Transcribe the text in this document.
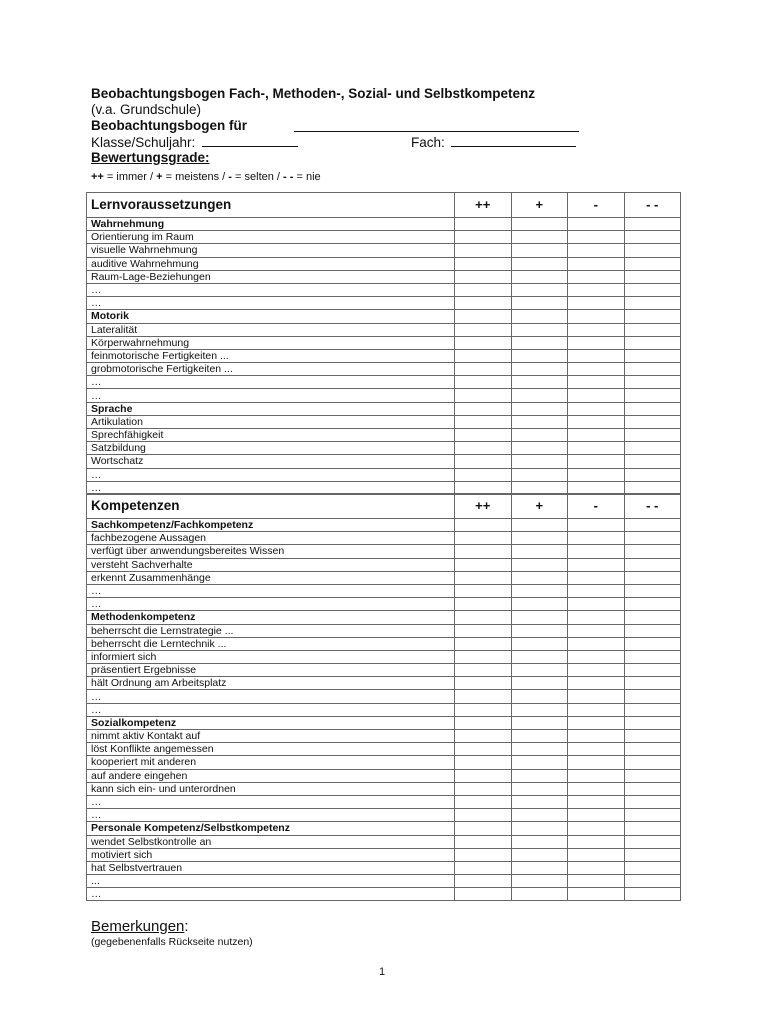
Beobachtungsbogen Fach-, Methoden-, Sozial- und Selbstkompetenz
(v.a. Grundschule)
Beobachtungsbogen für
Klasse/Schuljahr:	Fach:
Bewertungsgrade:
++ = immer / + = meistens / - = selten / - - = nie
Lernvoraussetzungen	++	+	-	- -
Wahrnehmung				
Orientierung im Raum				
visuelle Wahrnehmung				
auditive Wahrnehmung				
Raum-Lage-Beziehungen				
…				
…				
Motorik				
Lateralität				
Körperwahrnehmung				
feinmotorische Fertigkeiten ...				
grobmotorische Fertigkeiten ...				
…				
…				
Sprache				
Artikulation				
Sprechfähigkeit				
Satzbildung				
Wortschatz				
…				
…				
Kompetenzen	++	+	-	- -
Sachkompetenz/Fachkompetenz				
fachbezogene Aussagen				
verfügt über anwendungsbereites Wissen				
versteht Sachverhalte				
erkennt Zusammenhänge				
…				
…				
Methodenkompetenz				
beherrscht die Lernstrategie ...				
beherrscht die Lerntechnik ...				
informiert sich				
präsentiert Ergebnisse				
hält Ordnung am Arbeitsplatz				
…				
…				
Sozialkompetenz				
nimmt aktiv Kontakt auf				
löst Konflikte angemessen				
kooperiert mit anderen				
auf andere eingehen				
kann sich ein- und unterordnen				
…				
…				
Personale Kompetenz/Selbstkompetenz				
wendet Selbstkontrolle an				
motiviert sich				
hat Selbstvertrauen				
...				
…				
Bemerkungen:
(gegebenenfalls Rückseite nutzen)
1
